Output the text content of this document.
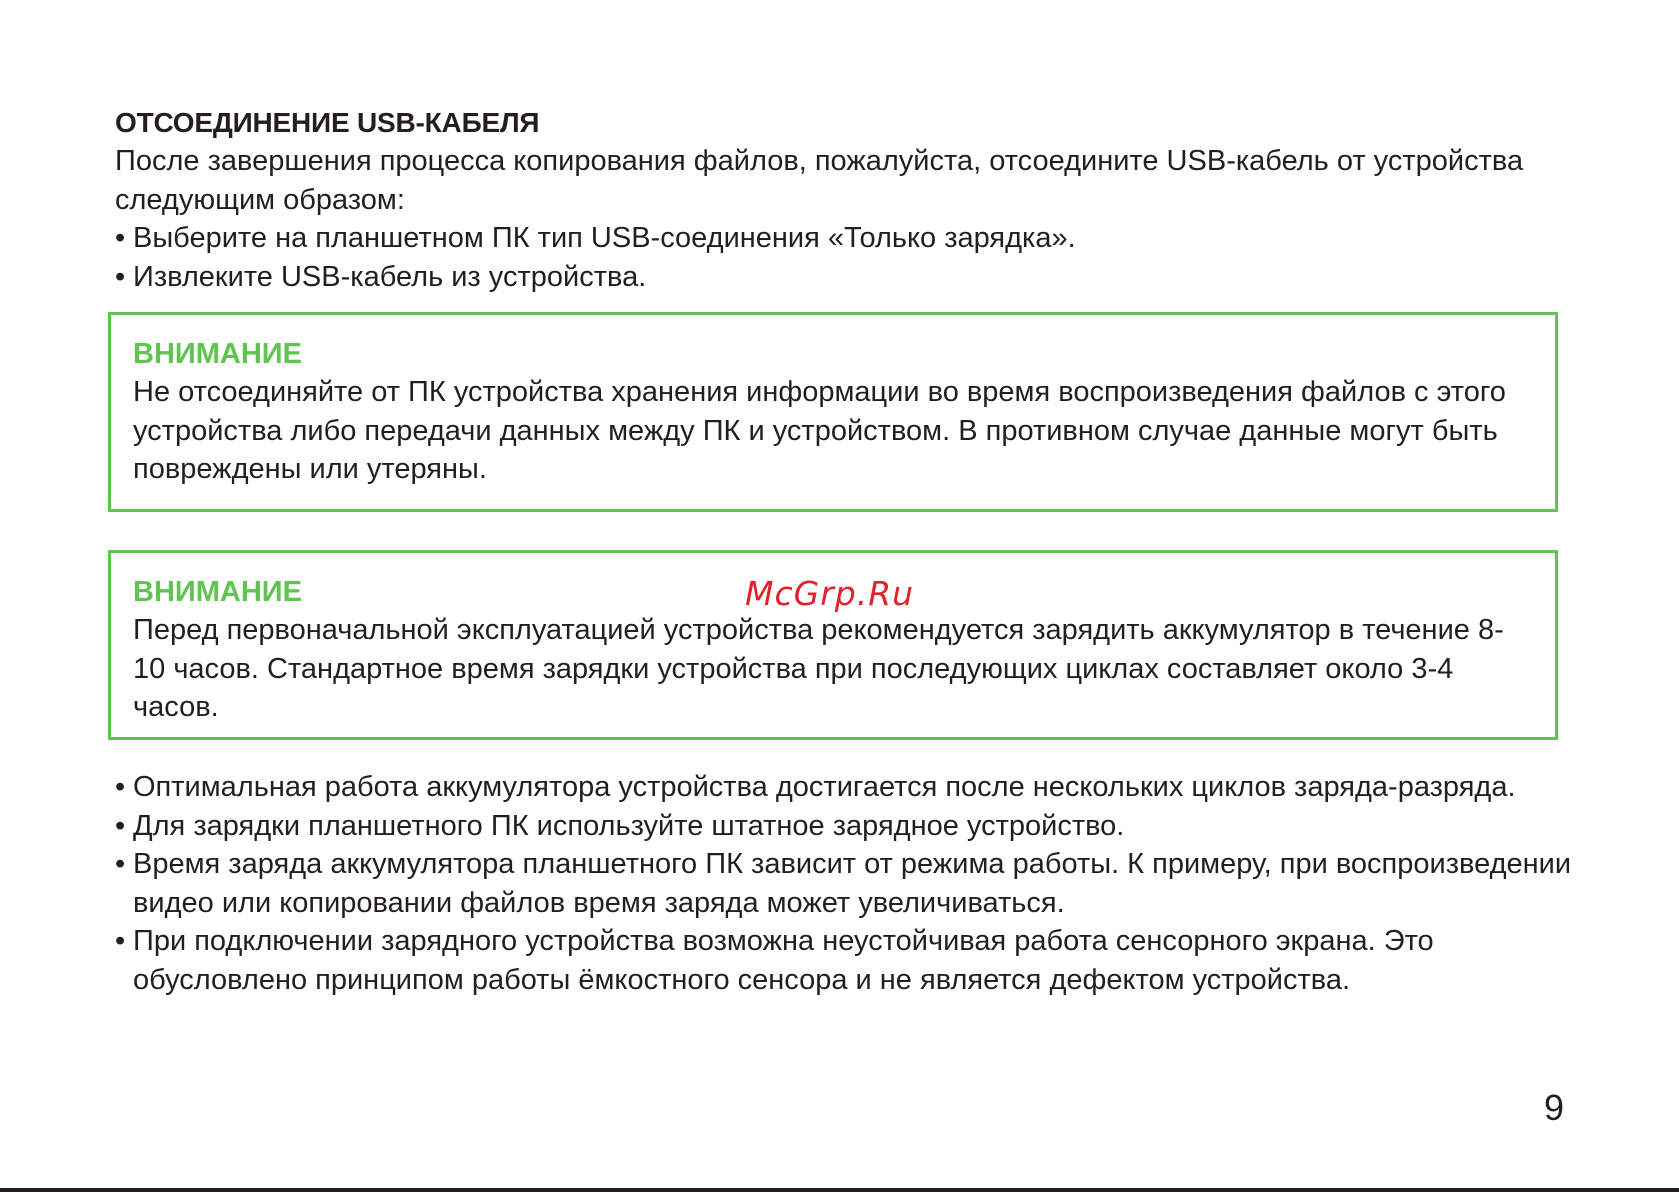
ОТСОЕДИНЕНИЕ USB-КАБЕЛЯ

После завершения процесса копирования файлов, пожалуйста, отсоедините USB-кабель от устройства следующим образом:

• Выберите на планшетном ПК тип USB-соединения «Только зарядка».
• Извлеките USB-кабель из устройства.

ВНИМАНИЕ

Не отсоединяйте от ПК устройства хранения информации во время воспроизведения файлов с этого устройства либо передачи данных между ПК и устройством. В противном случае данные могут быть повреждены или утеряны.

ВНИМАНИЕ

Перед первоначальной эксплуатацией устройства рекомендуется зарядить аккумулятор в течение 8-10 часов. Стандартное время зарядки устройства при последующих циклах составляет около 3-4 часов.

McGrp.Ru
• Оптимальная работа аккумулятора устройства достигается после нескольких циклов заряда-разряда.
• Для зарядки планшетного ПК используйте штатное зарядное устройство.
• Время заряда аккумулятора планшетного ПК зависит от режима работы. К примеру, при воспроизведении видео или копировании файлов время заряда может увеличиваться.
• При подключении зарядного устройства возможна неустойчивая работа сенсорного экрана. Это обусловлено принципом работы ёмкостного сенсора и не является дефектом устройства.
9
